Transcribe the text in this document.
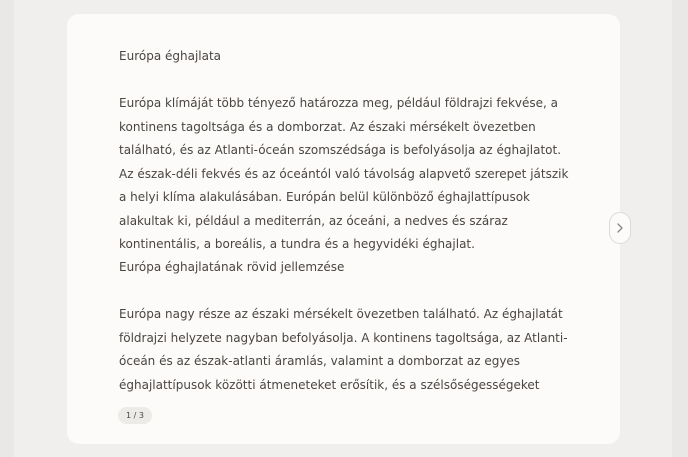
Európa éghajlata

Európa klímáját több tényező határozza meg, például földrajzi fekvése, a kontinens tagoltsága és a domborzat. Az északi mérsékelt övezetben található, és az Atlanti-óceán szomszédsága is befolyásolja az éghajlatot. Az észak-déli fekvés és az óceántól való távolság alapvető szerepet játszik a helyi klíma alakulásában. Európán belül különböző éghajlattípusok alakultak ki, például a mediterrán, az óceáni, a nedves és száraz kontinentális, a boreális, a tundra és a hegyvidéki éghajlat.

Európa éghajlatának rövid jellemzése

Európa nagy része az északi mérsékelt övezetben található. Az éghajlatát földrajzi helyzete nagyban befolyásolja. A kontinens tagoltsága, az Atlanti-óceán és az észak-atlanti áramlás, valamint a domborzat az egyes éghajlattípusok közötti átmeneteket erősítik, és a szélsőségességeket

1 / 3
